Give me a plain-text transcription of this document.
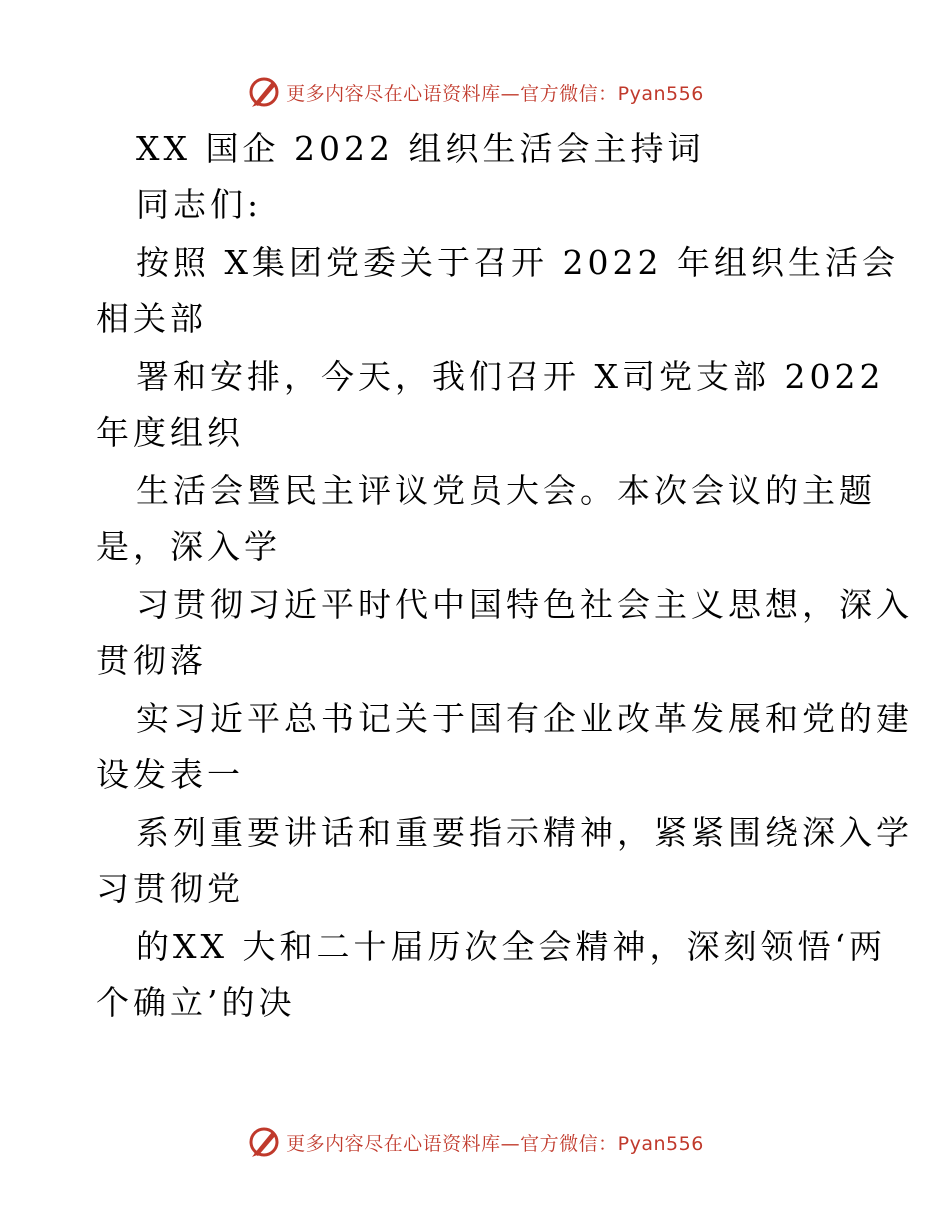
更多内容尽在心语资料库—官方微信：Pyan556
XX 国企 2022 组织生活会主持词
同志们:
按照 X集团党委关于召开 2022 年组织生活会
相关部
署和安排，今天，我们召开 X司党支部 2022
年度组织
生活会暨民主评议党员大会。本次会议的主题
是，深入学
习贯彻习近平时代中国特色社会主义思想，深入
贯彻落
实习近平总书记关于国有企业改革发展和党的建
设发表一
系列重要讲话和重要指示精神，紧紧围绕深入学
习贯彻党
的XX 大和二十届历次全会精神，深刻领悟‘两
个确立’的决
更多内容尽在心语资料库—官方微信：Pyan556
